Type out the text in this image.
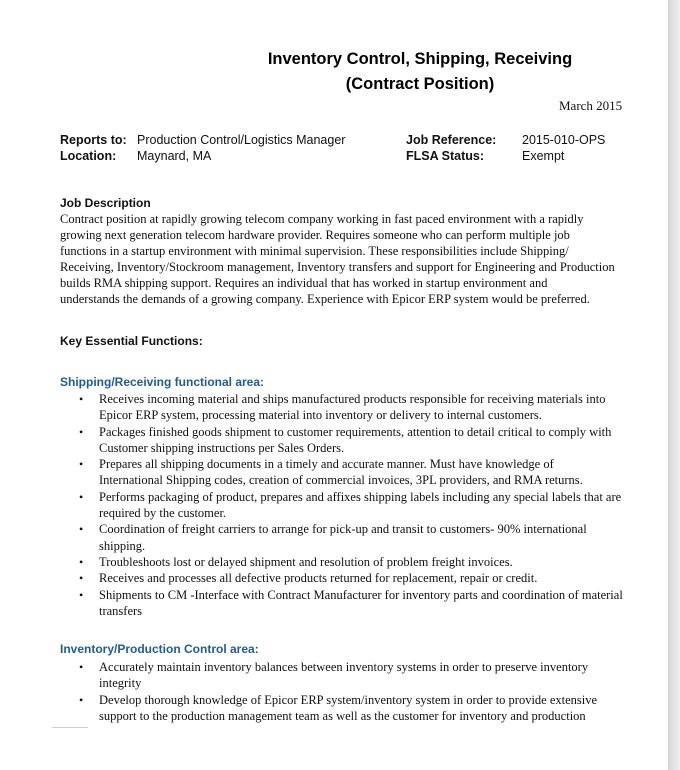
Inventory Control, Shipping, Receiving
(Contract Position)
March 2015
Reports to: Production Control/Logistics Manager
Location: Maynard, MA
Job Reference: 2015-010-OPS
FLSA Status:	Exempt
Job Description
Contract position at rapidly growing telecom company working in fast paced environment with a rapidly
growing next generation telecom hardware provider. Requires someone who can perform multiple job
functions in a startup environment with minimal supervision. These responsibilities include Shipping/
Receiving, Inventory/Stockroom management, Inventory transfers and support for Engineering and Production
builds RMA shipping support. Requires an individual that has worked in startup environment and
understands the demands of a growing company. Experience with Epicor ERP system would be preferred.
Key Essential Functions:
Shipping/Receiving functional area:
• Receives incoming material and ships manufactured products responsible for receiving materials into
Epicor ERP system, processing material into inventory or delivery to internal customers.
• Packages finished goods shipment to customer requirements, attention to detail critical to comply with
Customer shipping instructions per Sales Orders.
• Prepares all shipping documents in a timely and accurate manner. Must have knowledge of
International Shipping codes, creation of commercial invoices, 3PL providers, and RMA returns.
• Performs packaging of product, prepares and affixes shipping labels including any special labels that are
required by the customer.
• Coordination of freight carriers to arrange for pick-up and transit to customers- 90% international
shipping.
• Troubleshoots lost or delayed shipment and resolution of problem freight invoices.
• Receives and processes all defective products returned for replacement, repair or credit.
• Shipments to CM -Interface with Contract Manufacturer for inventory parts and coordination of material
transfers
Inventory/Production Control area:
• Accurately maintain inventory balances between inventory systems in order to preserve inventory
integrity
• Develop thorough knowledge of Epicor ERP system/inventory system in order to provide extensive
support to the production management team as well as the customer for inventory and production
